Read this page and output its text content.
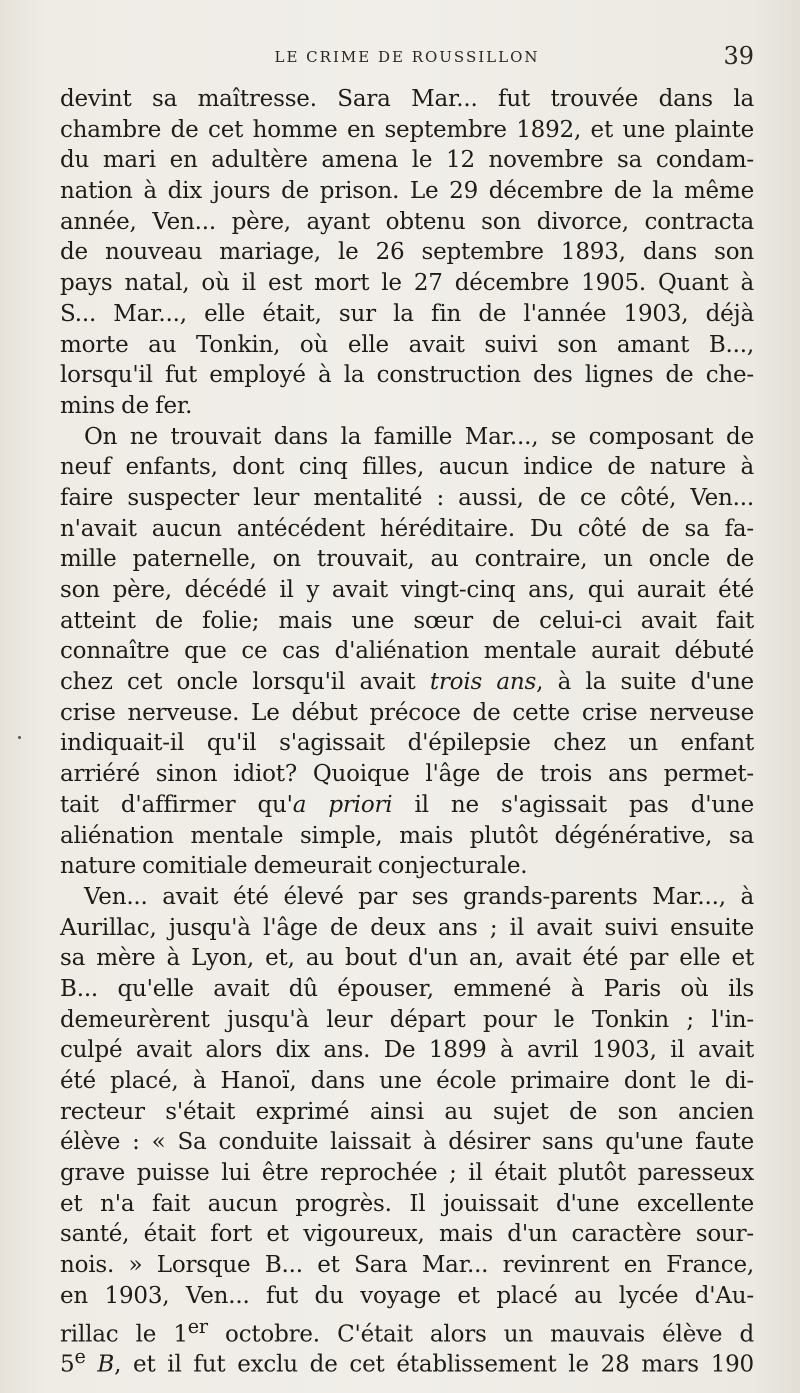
LE CRIME DE ROUSSILLON	39
devint sa maîtresse. Sara Mar... fut trouvée dans la
chambre de cet homme en septembre 1892, et une plainte
du mari en adultère amena le 12 novembre sa condam-
nation à dix jours de prison. Le 29 décembre de la même
année, Ven... père, ayant obtenu son divorce, contracta
de nouveau mariage, le 26 septembre 1893, dans son
pays natal, où il est mort le 27 décembre 1905. Quant à
S... Mar..., elle était, sur la fin de l'année 1903, déjà
morte au Tonkin, où elle avait suivi son amant B...,
lorsqu'il fut employé à la construction des lignes de che-
mins de fer.
On ne trouvait dans la famille Mar..., se composant de
neuf enfants, dont cinq filles, aucun indice de nature à
faire suspecter leur mentalité : aussi, de ce côté, Ven...
n'avait aucun antécédent héréditaire. Du côté de sa fa-
mille paternelle, on trouvait, au contraire, un oncle de
son père, décédé il y avait vingt-cinq ans, qui aurait été
atteint de folie; mais une sœur de celui-ci avait fait
connaître que ce cas d'aliénation mentale aurait débuté
chez cet oncle lorsqu'il avait trois ans, à la suite d'une
crise nerveuse. Le début précoce de cette crise nerveuse
indiquait-il qu'il s'agissait d'épilepsie chez un enfant
arriéré sinon idiot? Quoique l'âge de trois ans permet-
tait d'affirmer qu'a priori il ne s'agissait pas d'une
aliénation mentale simple, mais plutôt dégénérative, sa
nature comitiale demeurait conjecturale.
Ven... avait été élevé par ses grands-parents Mar..., à
Aurillac, jusqu'à l'âge de deux ans ; il avait suivi ensuite
sa mère à Lyon, et, au bout d'un an, avait été par elle et
B... qu'elle avait dû épouser, emmené à Paris où ils
demeurèrent jusqu'à leur départ pour le Tonkin ; l'in-
culpé avait alors dix ans. De 1899 à avril 1903, il avait
été placé, à Hanoï, dans une école primaire dont le di-
recteur s'était exprimé ainsi au sujet de son ancien
élève : « Sa conduite laissait à désirer sans qu'une faute
grave puisse lui être reprochée ; il était plutôt paresseux
et n'a fait aucun progrès. Il jouissait d'une excellente
santé, était fort et vigoureux, mais d'un caractère sour-
nois. » Lorsque B... et Sara Mar... revinrent en France,
en 1903, Ven... fut du voyage et placé au lycée d'Au-
rillac le 1er octobre. C'était alors un mauvais élève d
5e B, et il fut exclu de cet établissement le 28 mars 190
